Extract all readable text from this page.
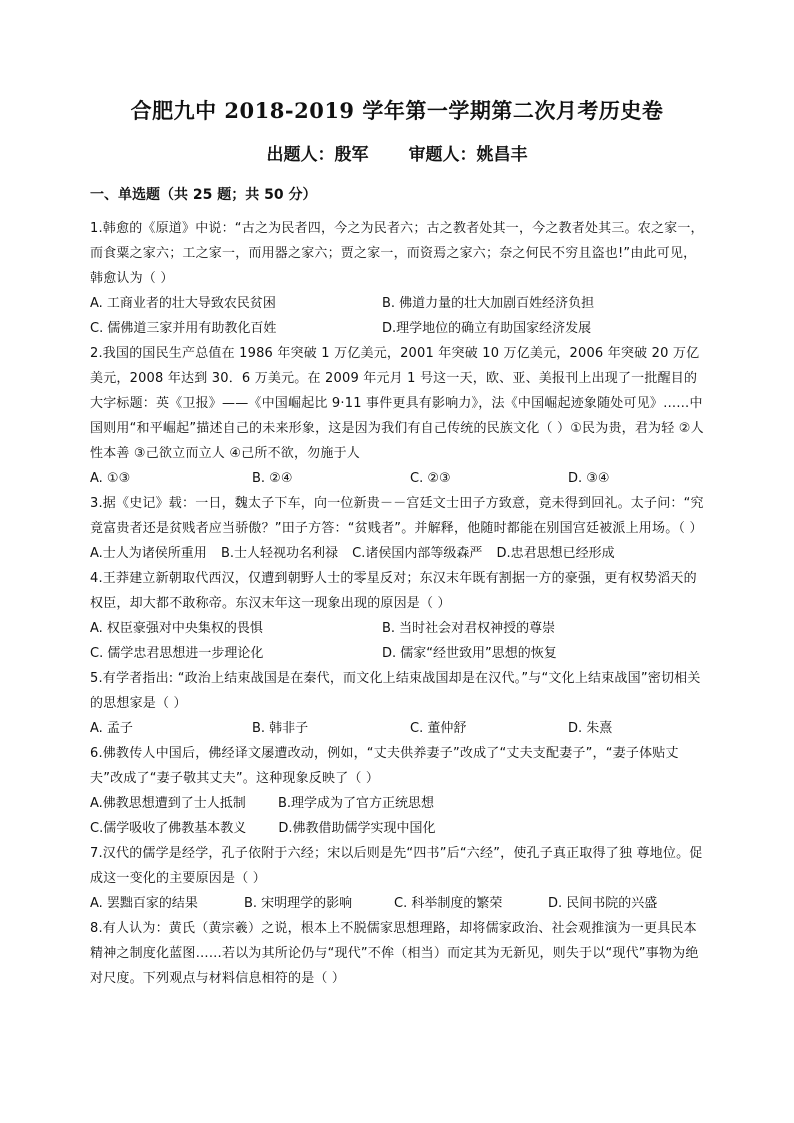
合肥九中 2018-2019 学年第一学期第二次月考历史卷
出题人：殷军 审题人：姚昌丰
一、单选题（共 25 题；共 50 分）

1.韩愈的《原道》中说：“古之为民者四，今之为民者六；古之教者处其一，今之教者处其三。农之家一，而食粟之家六；工之家一，而用器之家六；贾之家一，而资焉之家六；奈之何民不穷且盗也!”由此可见，韩愈认为（ ）

A. 工商业者的壮大导致农民贫困	B. 佛道力量的壮大加剧百姓经济负担
C. 儒佛道三家并用有助教化百姓	D.理学地位的确立有助国家经济发展

2.我国的国民生产总值在 1986 年突破 1 万亿美元，2001 年突破 10 万亿美元，2006 年突破 20 万亿美元，2008 年达到 30．6 万美元。在 2009 年元月 1 号这一天，欧、亚、美报刊上出现了一批醒目的大字标题：英《卫报》——《中国崛起比 9·11 事件更具有影响力》，法《中国崛起迹象随处可见》……中国则用“和平崛起”描述自己的未来形象，这是因为我们有自己传统的民族文化（ ）①民为贵，君为轻 ②人性本善 ③己欲立而立人 ④己所不欲，勿施于人

A. ①③	B. ②④	C. ②③	D. ③④

3.据《史记》载：一日，魏太子下车，向一位新贵－－宫廷文士田子方致意，竟未得到回礼。太子问：“究竟富贵者还是贫贱者应当骄傲？”田子方答：“贫贱者”。并解释，他随时都能在别国宫廷被派上用场。（ ）

A.士人为诸侯所重用 B.士人轻视功名利禄 C.诸侯国内部等级森严 D.忠君思想已经形成

4.王莽建立新朝取代西汉，仅遭到朝野人士的零星反对；东汉末年既有割据一方的豪强，更有权势滔天的权臣，却大都不敢称帝。东汉末年这一现象出现的原因是（ ）

A. 权臣豪强对中央集权的畏惧	B. 当时社会对君权神授的尊崇
C. 儒学忠君思想进一步理论化	D. 儒家“经世致用”思想的恢复

5.有学者指出: “政治上结束战国是在秦代，而文化上结束战国却是在汉代。”与“文化上结束战国”密切相关的思想家是（ ）

A. 孟子	B. 韩非子	C. 董仲舒	D. 朱熹

6.佛教传人中国后，佛经译文屡遭改动，例如，“丈夫供养妻子”改成了“丈夫支配妻子”，“妻子体贴丈夫”改成了“妻子敬其丈夫”。这种现象反映了（ ）

A.佛教思想遭到了士人抵制 B.理学成为了官方正统思想
C.儒学吸收了佛教基本教义 D.佛教借助儒学实现中国化

7.汉代的儒学是经学，孔子依附于六经；宋以后则是先“四书”后“六经”，使孔子真正取得了独 尊地位。促成这一变化的主要原因是（ ）

A. 罢黜百家的结果	B. 宋明理学的影响	C. 科举制度的繁荣	D. 民间书院的兴盛

8.有人认为：黄氏（黄宗羲）之说，根本上不脱儒家思想理路，却将儒家政治、社会观推演为一更具民本精神之制度化蓝图……若以为其所论仍与“现代”不侔（相当）而定其为无新见，则失于以“现代”事物为绝对尺度。下列观点与材料信息相符的是（ ）
